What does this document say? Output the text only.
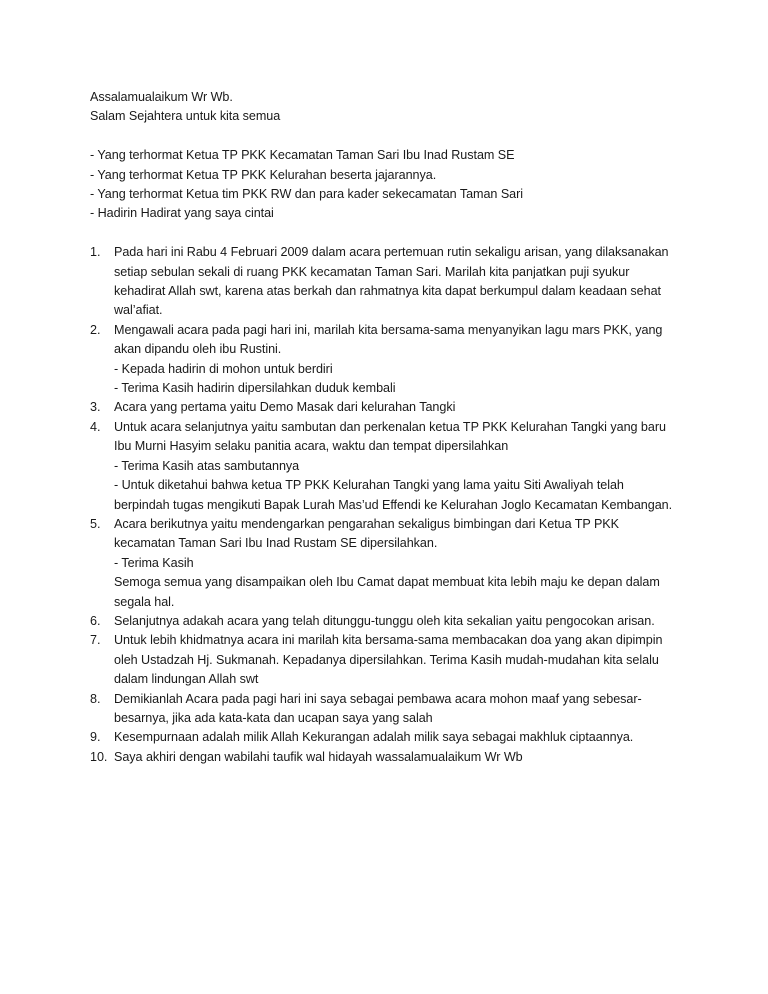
Assalamualaikum Wr Wb.
Salam Sejahtera untuk kita semua
- Yang terhormat Ketua TP PKK Kecamatan Taman Sari Ibu Inad Rustam SE
- Yang terhormat Ketua TP PKK Kelurahan beserta jajarannya.
- Yang terhormat Ketua tim PKK RW dan para kader sekecamatan Taman Sari
- Hadirin Hadirat yang saya cintai
1.	Pada hari ini Rabu 4 Februari 2009 dalam acara pertemuan rutin sekaligu arisan, yang dilaksanakan
setiap sebulan sekali di ruang PKK kecamatan Taman Sari. Marilah kita panjatkan puji syukur
kehadirat Allah swt, karena atas berkah dan rahmatnya kita dapat berkumpul dalam keadaan sehat
wal’afiat.
2.	Mengawali acara pada pagi hari ini, marilah kita bersama-sama menyanyikan lagu mars PKK, yang
akan dipandu oleh ibu Rustini.
- Kepada hadirin di mohon untuk berdiri
- Terima Kasih hadirin dipersilahkan duduk kembali
3.	Acara yang pertama yaitu Demo Masak dari kelurahan Tangki
4.	Untuk acara selanjutnya yaitu sambutan dan perkenalan ketua TP PKK Kelurahan Tangki yang baru
Ibu Murni Hasyim selaku panitia acara, waktu dan tempat dipersilahkan
- Terima Kasih atas sambutannya
- Untuk diketahui bahwa ketua TP PKK Kelurahan Tangki yang lama yaitu Siti Awaliyah telah
berpindah tugas mengikuti Bapak Lurah Mas’ud Effendi ke Kelurahan Joglo Kecamatan Kembangan.
5.	Acara berikutnya yaitu mendengarkan pengarahan sekaligus bimbingan dari Ketua TP PKK
kecamatan Taman Sari Ibu Inad Rustam SE dipersilahkan.
- Terima Kasih
Semoga semua yang disampaikan oleh Ibu Camat dapat membuat kita lebih maju ke depan dalam
segala hal.
6.	Selanjutnya adakah acara yang telah ditunggu-tunggu oleh kita sekalian yaitu pengocokan arisan.
7.	Untuk lebih khidmatnya acara ini marilah kita bersama-sama membacakan doa yang akan dipimpin
oleh Ustadzah Hj. Sukmanah. Kepadanya dipersilahkan. Terima Kasih mudah-mudahan kita selalu
dalam lindungan Allah swt
8.	Demikianlah Acara pada pagi hari ini saya sebagai pembawa acara mohon maaf yang sebesar-
besarnya, jika ada kata-kata dan ucapan saya yang salah
9.	Kesempurnaan adalah milik Allah Kekurangan adalah milik saya sebagai makhluk ciptaannya.
10. Saya akhiri dengan wabilahi taufik wal hidayah wassalamualaikum Wr Wb
